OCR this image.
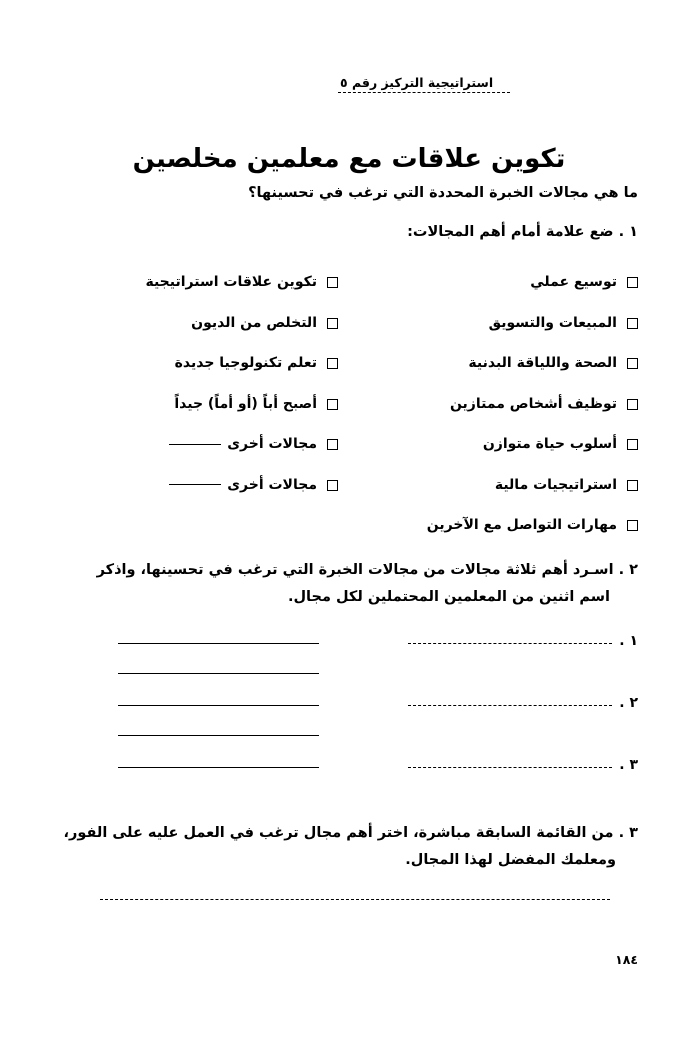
استراتيجية التركيز رقم ٥
تكوين علاقات مع معلمين مخلصين
ما هي مجالات الخبرة المحددة التي ترغب في تحسينها؟
١ . ضع علامة أمام أهم المجالات:
توسيع عملي
المبيعات والتسويق
الصحة واللياقة البدنية
توظيف أشخاص ممتازين
أسلوب حياة متوازن
استراتيجيات مالية
مهارات التواصل مع الآخرين
تكوين علاقات استراتيجية
التخلص من الديون
تعلم تكنولوجيا جديدة
أصبح أباً (أو أماً) جيداً
مجالات أخرى
مجالات أخرى
٢ . اسـرد أهم ثلاثة مجالات من مجالات الخبرة التي ترغب في تحسينها، واذكر
اسم اثنين من المعلمين المحتملين لكل مجال.
١ .
٢ .
٣ .
٣ . من القائمة السابقة مباشرة، اختر أهم مجال ترغب في العمل عليه على الفور،
ومعلمك المفضل لهذا المجال.
١٨٤
